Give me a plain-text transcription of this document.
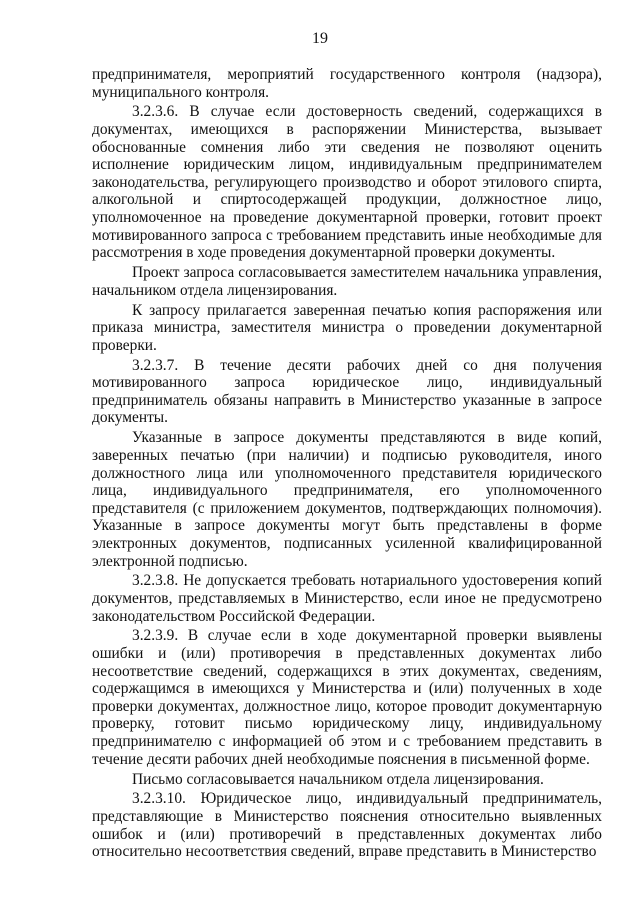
19

предпринимателя, мероприятий государственного контроля (надзора), муниципального контроля.

3.2.3.6. В случае если достоверность сведений, содержащихся в документах, имеющихся в распоряжении Министерства, вызывает обоснованные сомнения либо эти сведения не позволяют оценить исполнение юридическим лицом, индивидуальным предпринимателем законодательства, регулирующего производство и оборот этилового спирта, алкогольной и спиртосодержащей продукции, должностное лицо, уполномоченное на проведение документарной проверки, готовит проект мотивированного запроса с требованием представить иные необходимые для рассмотрения в ходе проведения документарной проверки документы.

Проект запроса согласовывается заместителем начальника управления, начальником отдела лицензирования.

К запросу прилагается заверенная печатью копия распоряжения или приказа министра, заместителя министра о проведении документарной проверки.

3.2.3.7. В течение десяти рабочих дней со дня получения мотивированного запроса юридическое лицо, индивидуальный предприниматель обязаны направить в Министерство указанные в запросе документы.

Указанные в запросе документы представляются в виде копий, заверенных печатью (при наличии) и подписью руководителя, иного должностного лица или уполномоченного представителя юридического лица, индивидуального предпринимателя, его уполномоченного представителя (с приложением документов, подтверждающих полномочия). Указанные в запросе документы могут быть представлены в форме электронных документов, подписанных усиленной квалифицированной электронной подписью.

3.2.3.8. Не допускается требовать нотариального удостоверения копий документов, представляемых в Министерство, если иное не предусмотрено законодательством Российской Федерации.

3.2.3.9. В случае если в ходе документарной проверки выявлены ошибки и (или) противоречия в представленных документах либо несоответствие сведений, содержащихся в этих документах, сведениям, содержащимся в имеющихся у Министерства и (или) полученных в ходе проверки документах, должностное лицо, которое проводит документарную проверку, готовит письмо юридическому лицу, индивидуальному предпринимателю с информацией об этом и с требованием представить в течение десяти рабочих дней необходимые пояснения в письменной форме.

Письмо согласовывается начальником отдела лицензирования.

3.2.3.10. Юридическое лицо, индивидуальный предприниматель, представляющие в Министерство пояснения относительно выявленных ошибок и (или) противоречий в представленных документах либо относительно несоответствия сведений, вправе представить в Министерство
